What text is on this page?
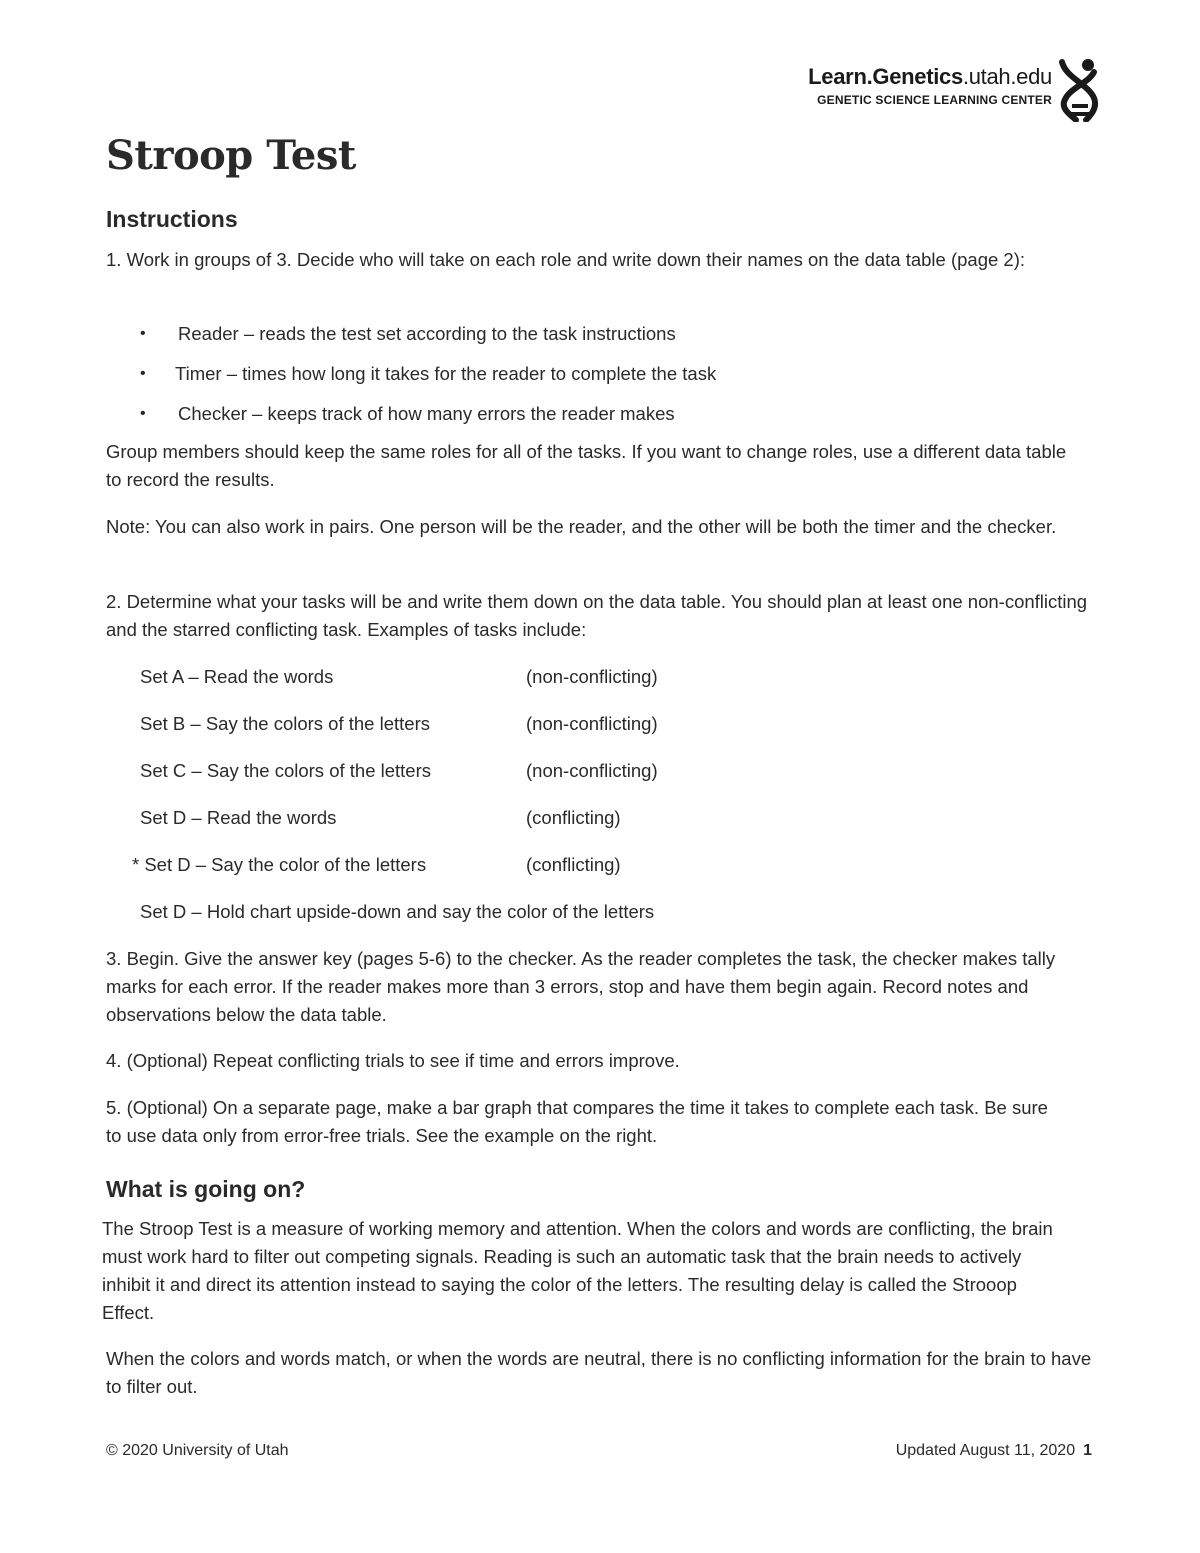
Learn.Genetics.utah.edu
GENETIC SCIENCE LEARNING CENTER
Stroop Test
Instructions

1. Work in groups of 3. Decide who will take on each role and write down their names on the data table (page 2):

•	Reader – reads the test set according to the task instructions
•	Timer – times how long it takes for the reader to complete the task
•	Checker – keeps track of how many errors the reader makes

Group members should keep the same roles for all of the tasks. If you want to change roles, use a different data table to record the results.

Note: You can also work in pairs. One person will be the reader, and the other will be both the timer and the checker.

2. Determine what your tasks will be and write them down on the data table. You should plan at least one non-conflicting and the starred conflicting task. Examples of tasks include:

Set A – Read the words	(non-conflicting)
Set B – Say the colors of the letters	(non-conflicting)
Set C – Say the colors of the letters	(non-conflicting)
Set D – Read the words	(conflicting)
* Set D – Say the color of the letters	(conflicting)
Set D – Hold chart upside-down and say the color of the letters

3. Begin. Give the answer key (pages 5-6) to the checker. As the reader completes the task, the checker makes tally marks for each error. If the reader makes more than 3 errors, stop and have them begin again. Record notes and observations below the data table.

4. (Optional) Repeat conflicting trials to see if time and errors improve.

5. (Optional) On a separate page, make a bar graph that compares the time it takes to complete each task. Be sure to use data only from error-free trials. See the example on the right.

What is going on?

The Stroop Test is a measure of working memory and attention. When the colors and words are conflicting, the brain must work hard to filter out competing signals. Reading is such an automatic task that the brain needs to actively inhibit it and direct its attention instead to saying the color of the letters. The resulting delay is called the Strooop Effect.

When the colors and words match, or when the words are neutral, there is no conflicting information for the brain to have to filter out.

© 2020 University of Utah	Updated August 11, 2020 1
